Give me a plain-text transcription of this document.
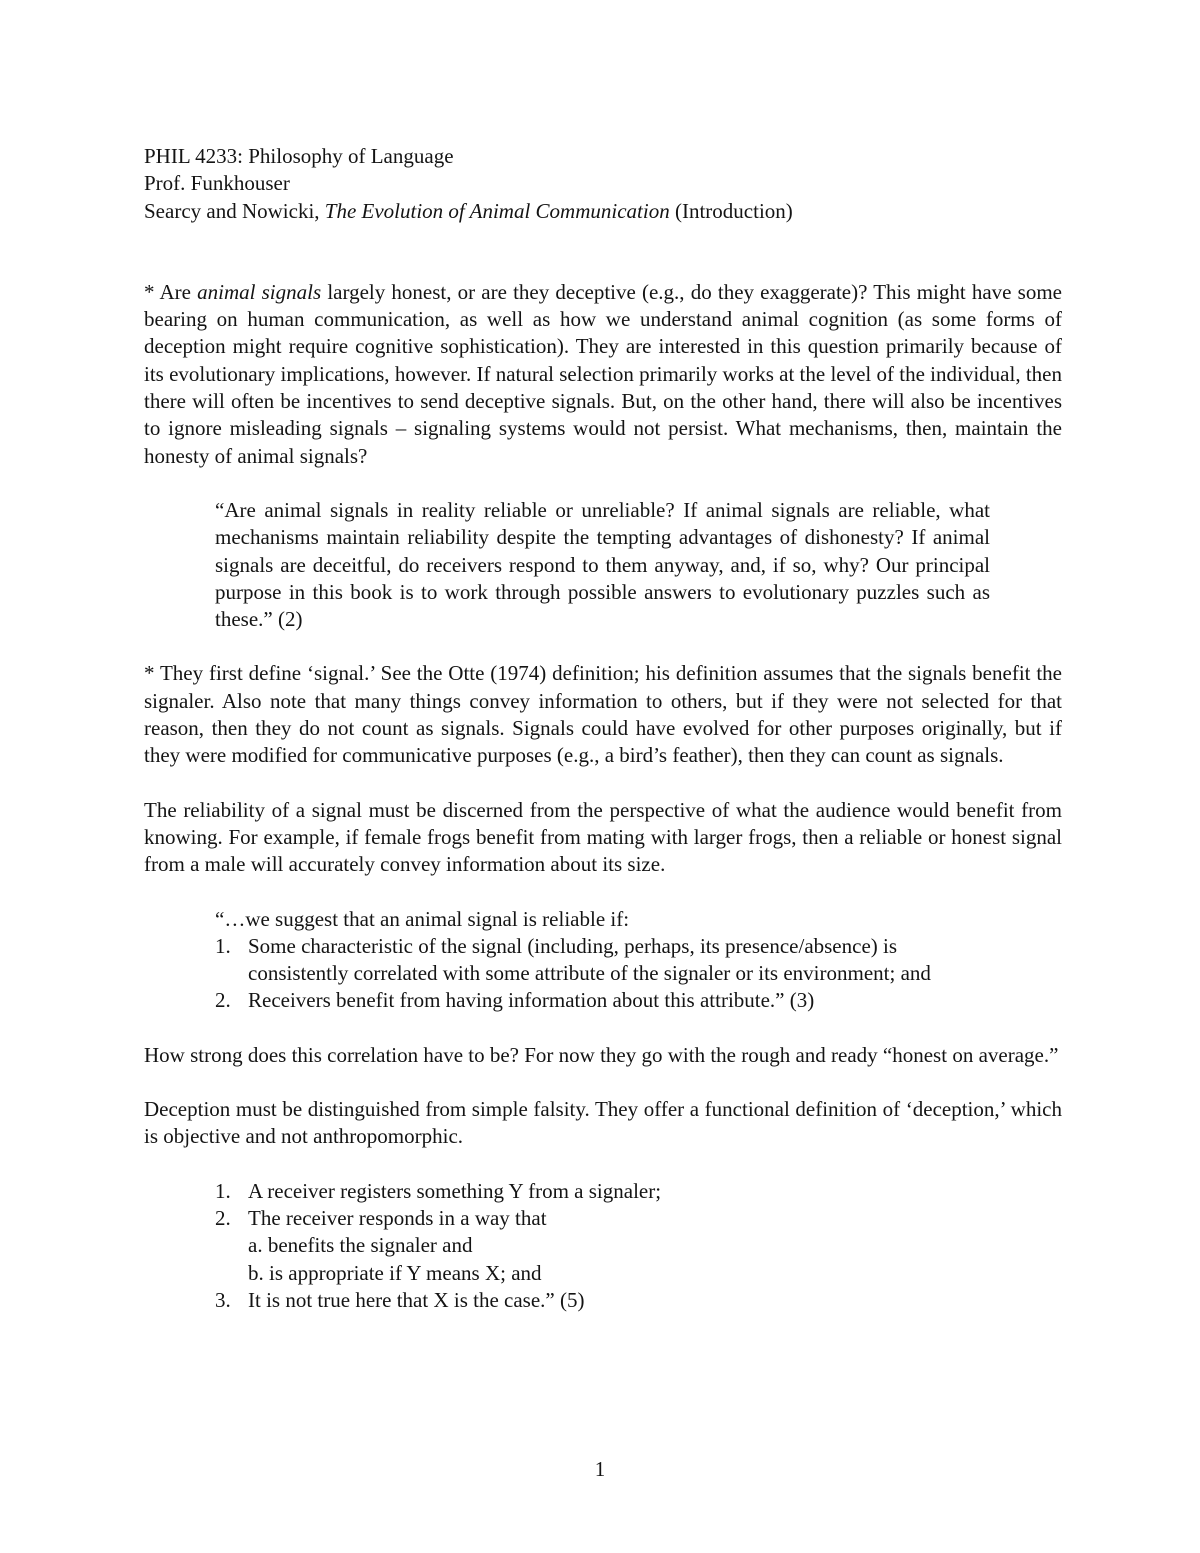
PHIL 4233: Philosophy of Language

Prof. Funkhouser

Searcy and Nowicki, The Evolution of Animal Communication (Introduction)

* Are animal signals largely honest, or are they deceptive (e.g., do they exaggerate)? This might have some bearing on human communication, as well as how we understand animal cognition (as some forms of deception might require cognitive sophistication). They are interested in this question primarily because of its evolutionary implications, however. If natural selection primarily works at the level of the individual, then there will often be incentives to send deceptive signals. But, on the other hand, there will also be incentives to ignore misleading signals – signaling systems would not persist. What mechanisms, then, maintain the honesty of animal signals?

“Are animal signals in reality reliable or unreliable? If animal signals are reliable, what mechanisms maintain reliability despite the tempting advantages of dishonesty? If animal signals are deceitful, do receivers respond to them anyway, and, if so, why? Our principal purpose in this book is to work through possible answers to evolutionary puzzles such as these.” (2)

* They first define ‘signal.’ See the Otte (1974) definition; his definition assumes that the signals benefit the signaler. Also note that many things convey information to others, but if they were not selected for that reason, then they do not count as signals. Signals could have evolved for other purposes originally, but if they were modified for communicative purposes (e.g., a bird’s feather), then they can count as signals.

The reliability of a signal must be discerned from the perspective of what the audience would benefit from knowing. For example, if female frogs benefit from mating with larger frogs, then a reliable or honest signal from a male will accurately convey information about its size.

“…we suggest that an animal signal is reliable if:

1. Some characteristic of the signal (including, perhaps, its presence/absence) is consistently correlated with some attribute of the signaler or its environment; and
2. Receivers benefit from having information about this attribute.” (3)

How strong does this correlation have to be? For now they go with the rough and ready “honest on average.”

Deception must be distinguished from simple falsity. They offer a functional definition of ‘deception,’ which is objective and not anthropomorphic.

1. A receiver registers something Y from a signaler;
2. The receiver responds in a way that

a. benefits the signaler and

b. is appropriate if Y means X; and

3. It is not true here that X is the case.” (5)
1
